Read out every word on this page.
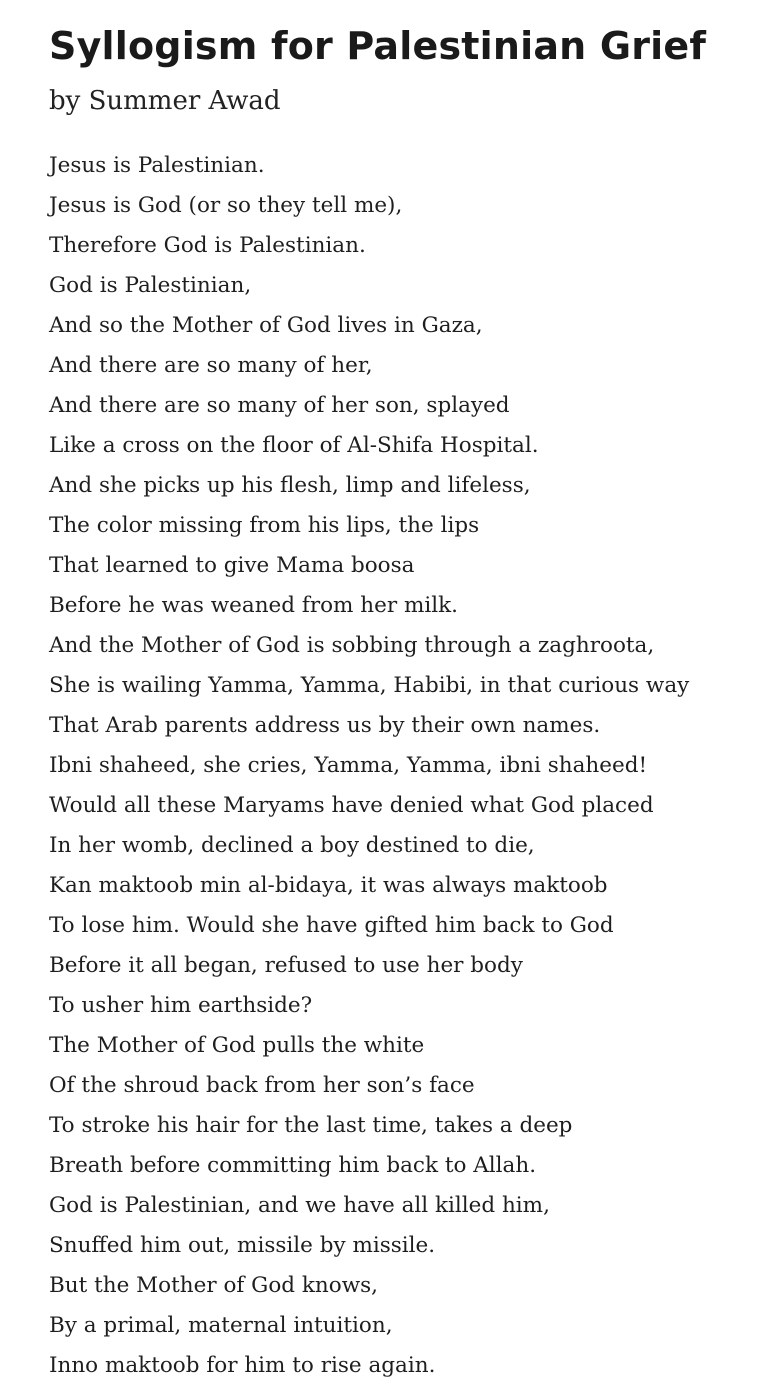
Syllogism for Palestinian Grief

by Summer Awad

Jesus is Palestinian.
Jesus is God (or so they tell me),
Therefore God is Palestinian.
God is Palestinian,
And so the Mother of God lives in Gaza,
And there are so many of her,
And there are so many of her son, splayed
Like a cross on the floor of Al-Shifa Hospital.
And she picks up his flesh, limp and lifeless,
The color missing from his lips, the lips
That learned to give Mama boosa
Before he was weaned from her milk.
And the Mother of God is sobbing through a zaghroota,
She is wailing Yamma, Yamma, Habibi, in that curious way
That Arab parents address us by their own names.
Ibni shaheed, she cries, Yamma, Yamma, ibni shaheed!
Would all these Maryams have denied what God placed
In her womb, declined a boy destined to die,
Kan maktoob min al-bidaya, it was always maktoob
To lose him. Would she have gifted him back to God
Before it all began, refused to use her body
To usher him earthside?
The Mother of God pulls the white
Of the shroud back from her son’s face
To stroke his hair for the last time, takes a deep
Breath before committing him back to Allah.
God is Palestinian, and we have all killed him,
Snuffed him out, missile by missile.
But the Mother of God knows,
By a primal, maternal intuition,
Inno maktoob for him to rise again.
